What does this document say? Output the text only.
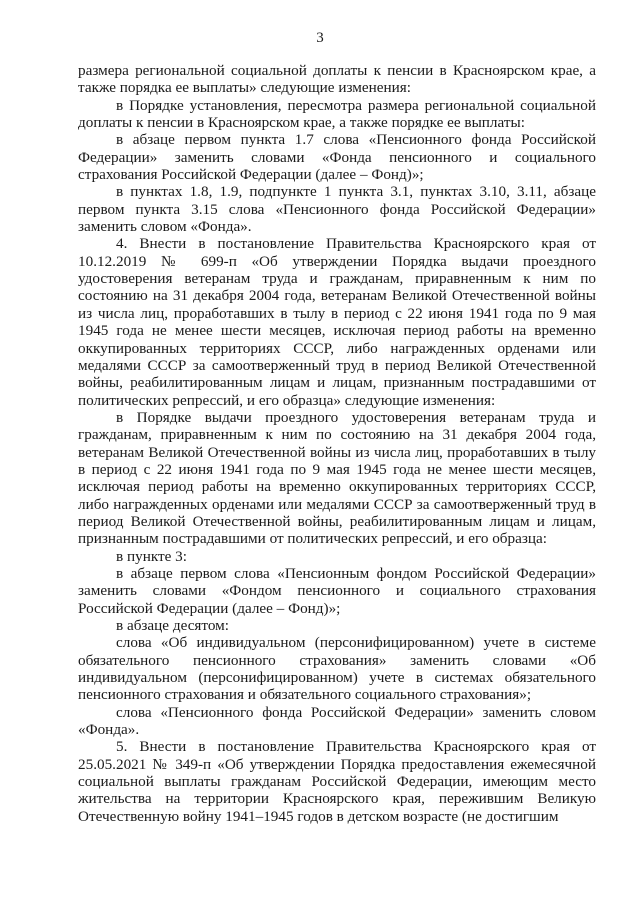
3

размера региональной социальной доплаты к пенсии в Красноярском крае, а также порядка ее выплаты» следующие изменения:

в Порядке установления, пересмотра размера региональной социальной доплаты к пенсии в Красноярском крае, а также порядке ее выплаты:

в абзаце первом пункта 1.7 слова «Пенсионного фонда Российской Федерации» заменить словами «Фонда пенсионного и социального страхования Российской Федерации (далее – Фонд)»;

в пунктах 1.8, 1.9, подпункте 1 пункта 3.1, пунктах 3.10, 3.11, абзаце первом пункта 3.15 слова «Пенсионного фонда Российской Федерации» заменить словом «Фонда».

4. Внести в постановление Правительства Красноярского края от 10.12.2019 № 699-п «Об утверждении Порядка выдачи проездного удостоверения ветеранам труда и гражданам, приравненным к ним по состоянию на 31 декабря 2004 года, ветеранам Великой Отечественной войны из числа лиц, проработавших в тылу в период с 22 июня 1941 года по 9 мая 1945 года не менее шести месяцев, исключая период работы на временно оккупированных территориях СССР, либо награжденных орденами или медалями СССР за самоотверженный труд в период Великой Отечественной войны, реабилитированным лицам и лицам, признанным пострадавшими от политических репрессий, и его образца» следующие изменения:

в Порядке выдачи проездного удостоверения ветеранам труда и гражданам, приравненным к ним по состоянию на 31 декабря 2004 года, ветеранам Великой Отечественной войны из числа лиц, проработавших в тылу в период с 22 июня 1941 года по 9 мая 1945 года не менее шести месяцев, исключая период работы на временно оккупированных территориях СССР, либо награжденных орденами или медалями СССР за самоотверженный труд в период Великой Отечественной войны, реабилитированным лицам и лицам, признанным пострадавшими от политических репрессий, и его образца:

в пункте 3:

в абзаце первом слова «Пенсионным фондом Российской Федерации» заменить словами «Фондом пенсионного и социального страхования Российской Федерации (далее – Фонд)»;

в абзаце десятом:

слова «Об индивидуальном (персонифицированном) учете в системе обязательного пенсионного страхования» заменить словами «Об индивидуальном (персонифицированном) учете в системах обязательного пенсионного страхования и обязательного социального страхования»;

слова «Пенсионного фонда Российской Федерации» заменить словом «Фонда».

5. Внести в постановление Правительства Красноярского края от 25.05.2021 № 349-п «Об утверждении Порядка предоставления ежемесячной социальной выплаты гражданам Российской Федерации, имеющим место жительства на территории Красноярского края, пережившим Великую Отечественную войну 1941–1945 годов в детском возрасте (не достигшим
